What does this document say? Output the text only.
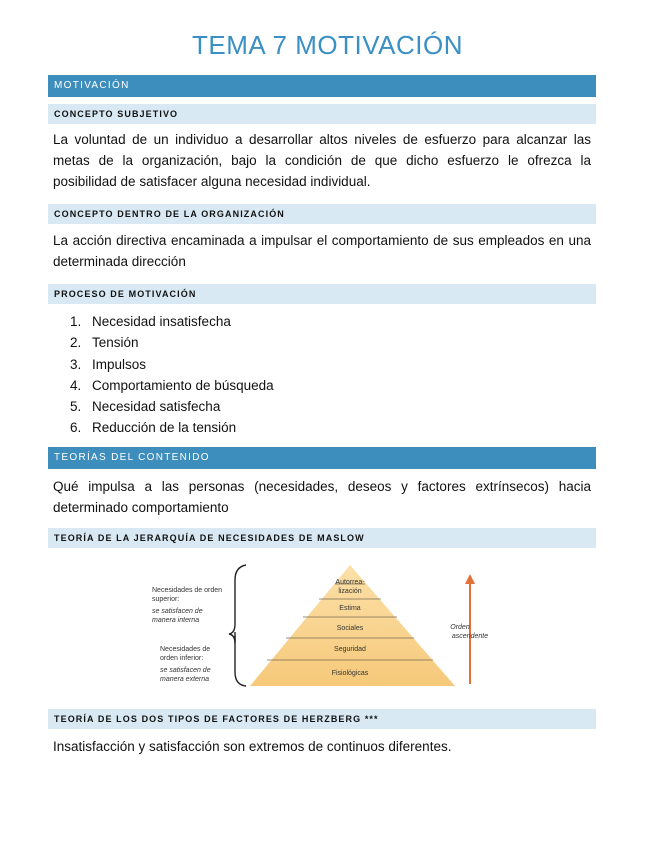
TEMA 7 MOTIVACIÓN
MOTIVACIÓN
CONCEPTO SUBJETIVO

La voluntad de un individuo a desarrollar altos niveles de esfuerzo para alcanzar las metas de la organización, bajo la condición de que dicho esfuerzo le ofrezca la posibilidad de satisfacer alguna necesidad individual.

CONCEPTO DENTRO DE LA ORGANIZACIÓN

La acción directiva encaminada a impulsar el comportamiento de sus empleados en una determinada dirección

PROCESO DE MOTIVACIÓN
1. Necesidad insatisfecha
2. Tensión
3. Impulsos
4. Comportamiento de búsqueda
5. Necesidad satisfecha
6. Reducción de la tensión
TEORÍAS DEL CONTENIDO

Qué impulsa a las personas (necesidades, deseos y factores extrínsecos) hacia determinado comportamiento

TEORÍA DE LA JERARQUÍA DE NECESIDADES DE MASLOW
Necesidades de orden
superior:
se satisfacen de
manera interna
Necesidades de
orden inferior:
se satisfacen de
manera externa
Autorrea-
lización
Estima
Sociales
Seguridad
Fisiológicas
Orden
ascendente
TEORÍA DE LOS DOS TIPOS DE FACTORES DE HERZBERG ***

Insatisfacción y satisfacción son extremos de continuos diferentes.
